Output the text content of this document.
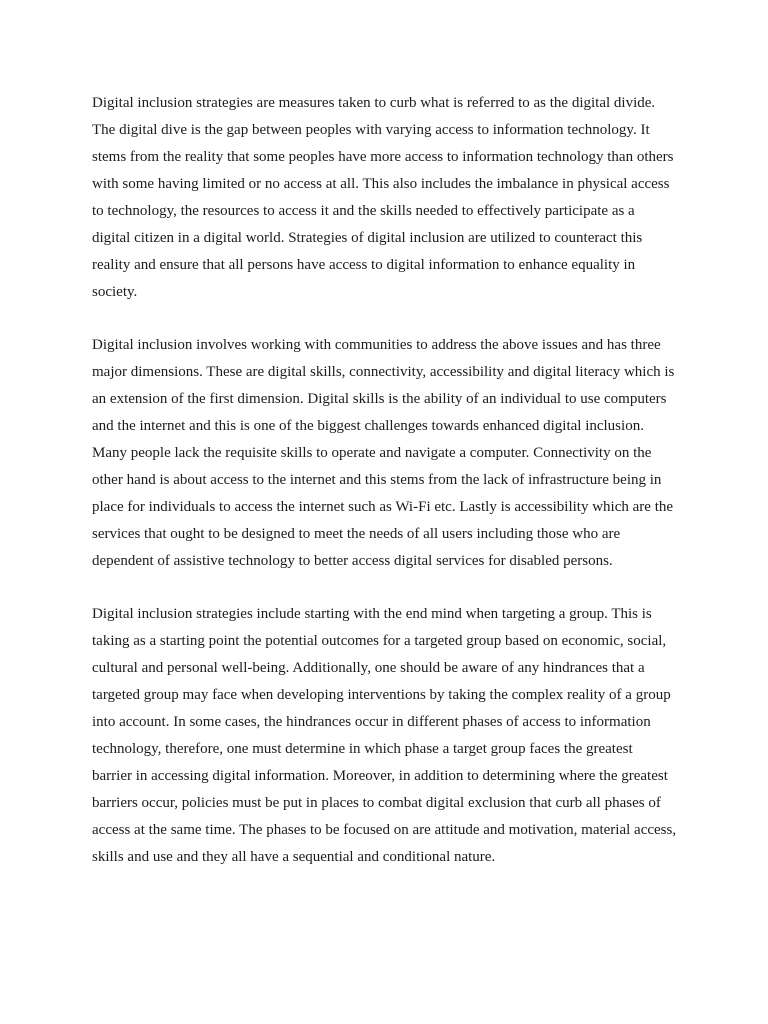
Digital inclusion strategies are measures taken to curb what is referred to as the digital divide.
The digital dive is the gap between peoples with varying access to information technology. It
stems from the reality that some peoples have more access to information technology than others
with some having limited or no access at all. This also includes the imbalance in physical access
to technology, the resources to access it and the skills needed to effectively participate as a
digital citizen in a digital world. Strategies of digital inclusion are utilized to counteract this
reality and ensure that all persons have access to digital information to enhance equality in
society.
Digital inclusion involves working with communities to address the above issues and has three
major dimensions. These are digital skills, connectivity, accessibility and digital literacy which is
an extension of the first dimension. Digital skills is the ability of an individual to use computers
and the internet and this is one of the biggest challenges towards enhanced digital inclusion.
Many people lack the requisite skills to operate and navigate a computer. Connectivity on the
other hand is about access to the internet and this stems from the lack of infrastructure being in
place for individuals to access the internet such as Wi-Fi etc. Lastly is accessibility which are the
services that ought to be designed to meet the needs of all users including those who are
dependent of assistive technology to better access digital services for disabled persons.
Digital inclusion strategies include starting with the end mind when targeting a group. This is
taking as a starting point the potential outcomes for a targeted group based on economic, social,
cultural and personal well-being. Additionally, one should be aware of any hindrances that a
targeted group may face when developing interventions by taking the complex reality of a group
into account. In some cases, the hindrances occur in different phases of access to information
technology, therefore, one must determine in which phase a target group faces the greatest
barrier in accessing digital information. Moreover, in addition to determining where the greatest
barriers occur, policies must be put in places to combat digital exclusion that curb all phases of
access at the same time. The phases to be focused on are attitude and motivation, material access,
skills and use and they all have a sequential and conditional nature.
